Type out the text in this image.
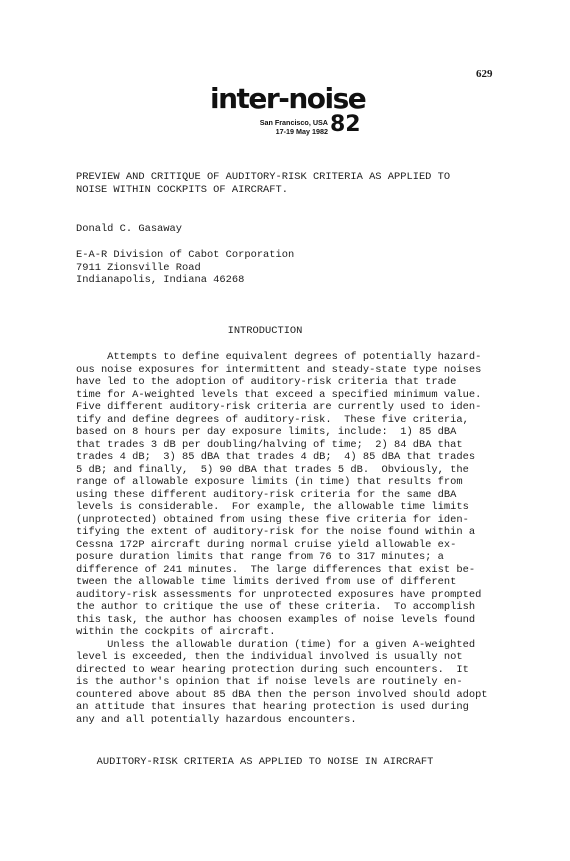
629
inter-noise
San Francisco, USA
17-19 May 1982 82
PREVIEW AND CRITIQUE OF AUDITORY-RISK CRITERIA AS APPLIED TO
NOISE WITHIN COCKPITS OF AIRCRAFT.
Donald C. Gasaway
E-A-R Division of Cabot Corporation
7911 Zionsville Road
Indianapolis, Indiana 46268
INTRODUCTION
Attempts to define equivalent degrees of potentially hazard-
ous noise exposures for intermittent and steady-state type noises
have led to the adoption of auditory-risk criteria that trade
time for A-weighted levels that exceed a specified minimum value.
Five different auditory-risk criteria are currently used to iden-
tify and define degrees of auditory-risk.  These five criteria,
based on 8 hours per day exposure limits, include:  1) 85 dBA
that trades 3 dB per doubling/halving of time;  2) 84 dBA that
trades 4 dB;  3) 85 dBA that trades 4 dB;  4) 85 dBA that trades
5 dB; and finally,  5) 90 dBA that trades 5 dB.  Obviously, the
range of allowable exposure limits (in time) that results from
using these different auditory-risk criteria for the same dBA
levels is considerable.  For example, the allowable time limits
(unprotected) obtained from using these five criteria for iden-
tifying the extent of auditory-risk for the noise found within a
Cessna 172P aircraft during normal cruise yield allowable ex-
posure duration limits that range from 76 to 317 minutes; a
difference of 241 minutes.  The large differences that exist be-
tween the allowable time limits derived from use of different
auditory-risk assessments for unprotected exposures have prompted
the author to critique the use of these criteria.  To accomplish
this task, the author has choosen examples of noise levels found
within the cockpits of aircraft.
Unless the allowable duration (time) for a given A-weighted
level is exceeded, then the individual involved is usually not
directed to wear hearing protection during such encounters.  It
is the author's opinion that if noise levels are routinely en-
countered above about 85 dBA then the person involved should adopt
an attitude that insures that hearing protection is used during
any and all potentially hazardous encounters.
AUDITORY-RISK CRITERIA AS APPLIED TO NOISE IN AIRCRAFT
